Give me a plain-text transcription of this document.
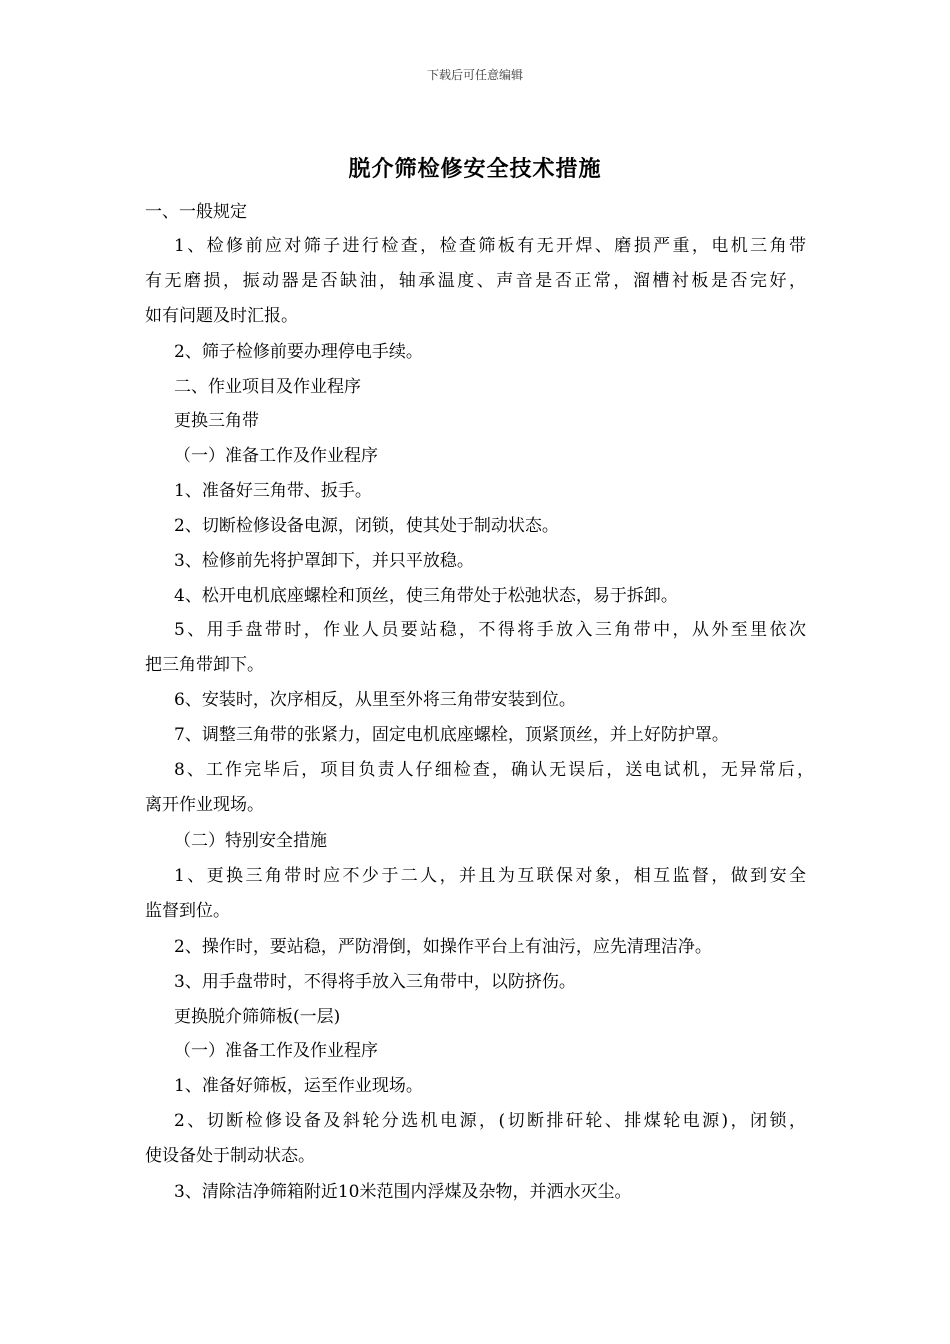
下载后可任意编辑
脱介筛检修安全技术措施
一、一般规定
1、检修前应对筛子进行检查，检查筛板有无开焊、磨损严重，电机三角带
有无磨损，振动器是否缺油，轴承温度、声音是否正常，溜槽衬板是否完好，
如有问题及时汇报。
2、筛子检修前要办理停电手续。
二、作业项目及作业程序
更换三角带
（一）准备工作及作业程序
1、准备好三角带、扳手。
2、切断检修设备电源，闭锁，使其处于制动状态。
3、检修前先将护罩卸下，并只平放稳。
4、松开电机底座螺栓和顶丝，使三角带处于松弛状态，易于拆卸。
5、用手盘带时，作业人员要站稳，不得将手放入三角带中，从外至里依次
把三角带卸下。
6、安装时，次序相反，从里至外将三角带安装到位。
7、调整三角带的张紧力，固定电机底座螺栓，顶紧顶丝，并上好防护罩。
8、工作完毕后，项目负责人仔细检查，确认无误后，送电试机，无异常后，
离开作业现场。
（二）特别安全措施
1、更换三角带时应不少于二人，并且为互联保对象，相互监督，做到安全
监督到位。
2、操作时，要站稳，严防滑倒，如操作平台上有油污，应先清理洁净。
3、用手盘带时，不得将手放入三角带中，以防挤伤。
更换脱介筛筛板(一层)
（一）准备工作及作业程序
1、准备好筛板，运至作业现场。
2、切断检修设备及斜轮分选机电源，(切断排矸轮、排煤轮电源)，闭锁，
使设备处于制动状态。
3、清除洁净筛箱附近10米范围内浮煤及杂物，并洒水灭尘。
